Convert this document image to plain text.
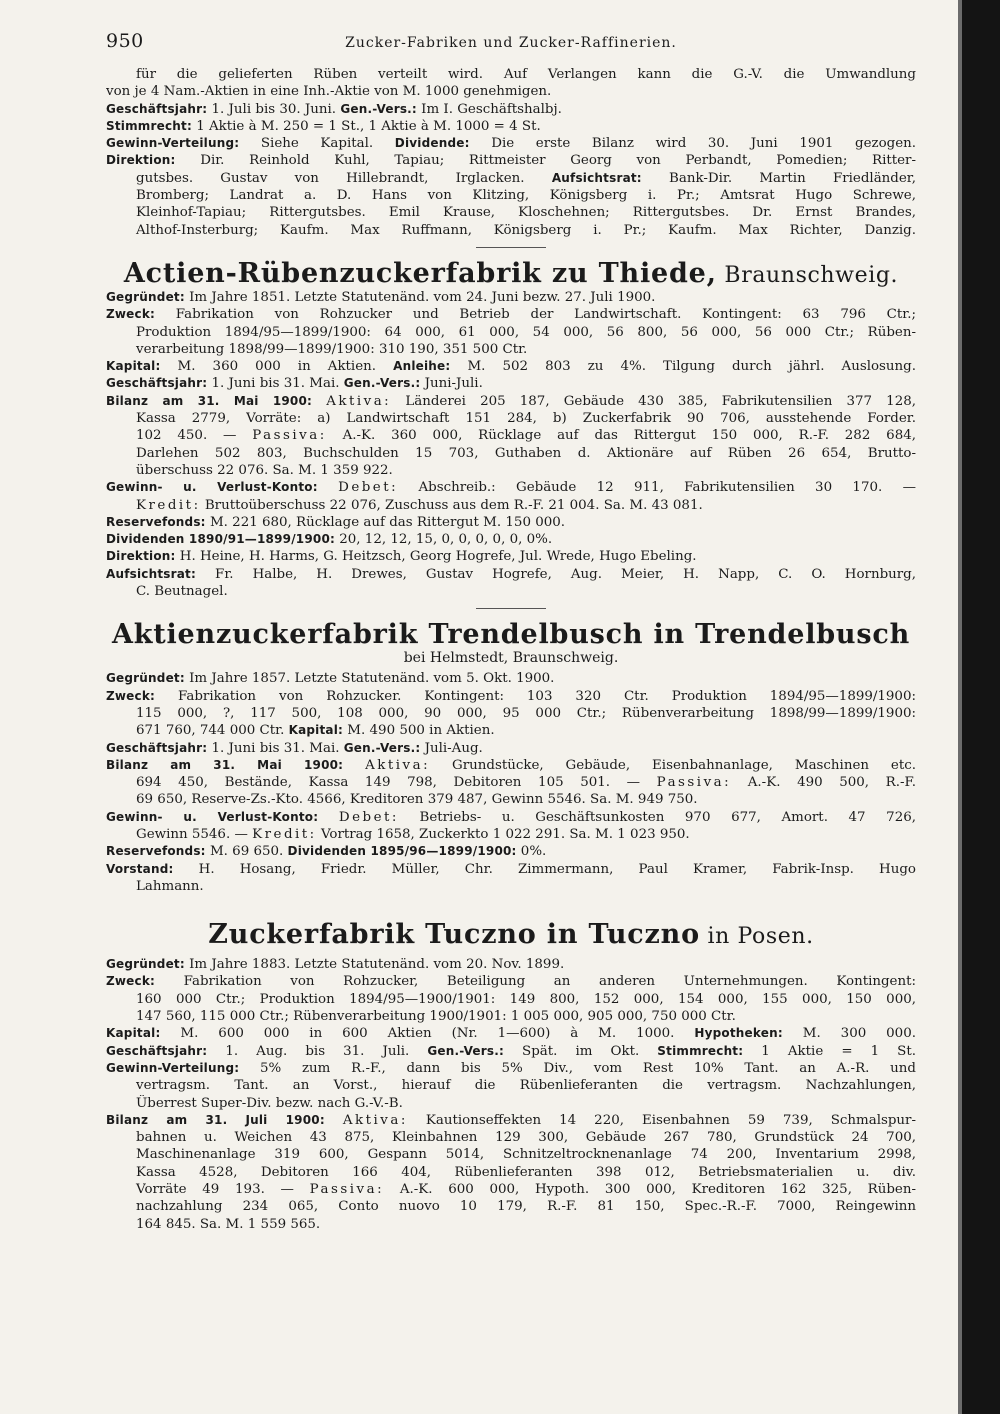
950	Zucker-Fabriken und Zucker-Raffinerien.
für die gelieferten Rüben verteilt wird. Auf Verlangen kann die G.-V. die Umwandlung
von je 4 Nam.-Aktien in eine Inh.-Aktie von M. 1000 genehmigen.
Geschäftsjahr: 1. Juli bis 30. Juni. Gen.-Vers.: Im I. Geschäftshalbj.
Stimmrecht: 1 Aktie à M. 250 = 1 St., 1 Aktie à M. 1000 = 4 St.
Gewinn-Verteilung: Siehe Kapital. Dividende: Die erste Bilanz wird 30. Juni 1901 gezogen.
Direktion: Dir. Reinhold Kuhl, Tapiau; Rittmeister Georg von Perbandt, Pomedien; Ritter-
gutsbes. Gustav von Hillebrandt, Irglacken. Aufsichtsrat: Bank-Dir. Martin Friedländer,
Bromberg; Landrat a. D. Hans von Klitzing, Königsberg i. Pr.; Amtsrat Hugo Schrewe,
Kleinhof-Tapiau; Rittergutsbes. Emil Krause, Kloschehnen; Rittergutsbes. Dr. Ernst Brandes,
Althof-Insterburg; Kaufm. Max Ruffmann, Königsberg i. Pr.; Kaufm. Max Richter, Danzig.
Actien-Rübenzuckerfabrik zu Thiede, Braunschweig.
Gegründet: Im Jahre 1851. Letzte Statutenänd. vom 24. Juni bezw. 27. Juli 1900.
Zweck: Fabrikation von Rohzucker und Betrieb der Landwirtschaft. Kontingent: 63 796 Ctr.;
Produktion 1894/95—1899/1900: 64 000, 61 000, 54 000, 56 800, 56 000, 56 000 Ctr.; Rüben-
verarbeitung 1898/99—1899/1900: 310 190, 351 500 Ctr.
Kapital: M. 360 000 in Aktien. Anleihe: M. 502 803 zu 4%. Tilgung durch jährl. Auslosung.
Geschäftsjahr: 1. Juni bis 31. Mai. Gen.-Vers.: Juni-Juli.
Bilanz am 31. Mai 1900: Aktiva: Länderei 205 187, Gebäude 430 385, Fabrikutensilien 377 128,
Kassa 2779, Vorräte: a) Landwirtschaft 151 284, b) Zuckerfabrik 90 706, ausstehende Forder.
102 450. — Passiva: A.-K. 360 000, Rücklage auf das Rittergut 150 000, R.-F. 282 684,
Darlehen 502 803, Buchschulden 15 703, Guthaben d. Aktionäre auf Rüben 26 654, Brutto-
überschuss 22 076. Sa. M. 1 359 922.
Gewinn- u. Verlust-Konto: Debet: Abschreib.: Gebäude 12 911, Fabrikutensilien 30 170. —
Kredit: Bruttoüberschuss 22 076, Zuschuss aus dem R.-F. 21 004. Sa. M. 43 081.
Reservefonds: M. 221 680, Rücklage auf das Rittergut M. 150 000.
Dividenden 1890/91—1899/1900: 20, 12, 12, 15, 0, 0, 0, 0, 0, 0%.
Direktion: H. Heine, H. Harms, G. Heitzsch, Georg Hogrefe, Jul. Wrede, Hugo Ebeling.
Aufsichtsrat: Fr. Halbe, H. Drewes, Gustav Hogrefe, Aug. Meier, H. Napp, C. O. Hornburg,
C. Beutnagel.
Aktienzuckerfabrik Trendelbusch in Trendelbusch
bei Helmstedt, Braunschweig.
Gegründet: Im Jahre 1857. Letzte Statutenänd. vom 5. Okt. 1900.
Zweck: Fabrikation von Rohzucker. Kontingent: 103 320 Ctr. Produktion 1894/95—1899/1900:
115 000, ?, 117 500, 108 000, 90 000, 95 000 Ctr.; Rübenverarbeitung 1898/99—1899/1900:
671 760, 744 000 Ctr. Kapital: M. 490 500 in Aktien.
Geschäftsjahr: 1. Juni bis 31. Mai. Gen.-Vers.: Juli-Aug.
Bilanz am 31. Mai 1900: Aktiva: Grundstücke, Gebäude, Eisenbahnanlage, Maschinen etc.
694 450, Bestände, Kassa 149 798, Debitoren 105 501. — Passiva: A.-K. 490 500, R.-F.
69 650, Reserve-Zs.-Kto. 4566, Kreditoren 379 487, Gewinn 5546. Sa. M. 949 750.
Gewinn- u. Verlust-Konto: Debet: Betriebs- u. Geschäftsunkosten 970 677, Amort. 47 726,
Gewinn 5546. — Kredit: Vortrag 1658, Zuckerkto 1 022 291. Sa. M. 1 023 950.
Reservefonds: M. 69 650. Dividenden 1895/96—1899/1900: 0%.
Vorstand: H. Hosang, Friedr. Müller, Chr. Zimmermann, Paul Kramer, Fabrik-Insp. Hugo
Lahmann.
Zuckerfabrik Tuczno in Tuczno in Posen.
Gegründet: Im Jahre 1883. Letzte Statutenänd. vom 20. Nov. 1899.
Zweck: Fabrikation von Rohzucker, Beteiligung an anderen Unternehmungen. Kontingent:
160 000 Ctr.; Produktion 1894/95—1900/1901: 149 800, 152 000, 154 000, 155 000, 150 000,
147 560, 115 000 Ctr.; Rübenverarbeitung 1900/1901: 1 005 000, 905 000, 750 000 Ctr.
Kapital: M. 600 000 in 600 Aktien (Nr. 1—600) à M. 1000. Hypotheken: M. 300 000.
Geschäftsjahr: 1. Aug. bis 31. Juli. Gen.-Vers.: Spät. im Okt. Stimmrecht: 1 Aktie = 1 St.
Gewinn-Verteilung: 5% zum R.-F., dann bis 5% Div., vom Rest 10% Tant. an A.-R. und
vertragsm. Tant. an Vorst., hierauf die Rübenlieferanten die vertragsm. Nachzahlungen,
Überrest Super-Div. bezw. nach G.-V.-B.
Bilanz am 31. Juli 1900: Aktiva: Kautionseffekten 14 220, Eisenbahnen 59 739, Schmalspur-
bahnen u. Weichen 43 875, Kleinbahnen 129 300, Gebäude 267 780, Grundstück 24 700,
Maschinenanlage 319 600, Gespann 5014, Schnitzeltrocknenanlage 74 200, Inventarium 2998,
Kassa 4528, Debitoren 166 404, Rübenlieferanten 398 012, Betriebsmaterialien u. div.
Vorräte 49 193. — Passiva: A.-K. 600 000, Hypoth. 300 000, Kreditoren 162 325, Rüben-
nachzahlung 234 065, Conto nuovo 10 179, R.-F. 81 150, Spec.-R.-F. 7000, Reingewinn
164 845. Sa. M. 1 559 565.
